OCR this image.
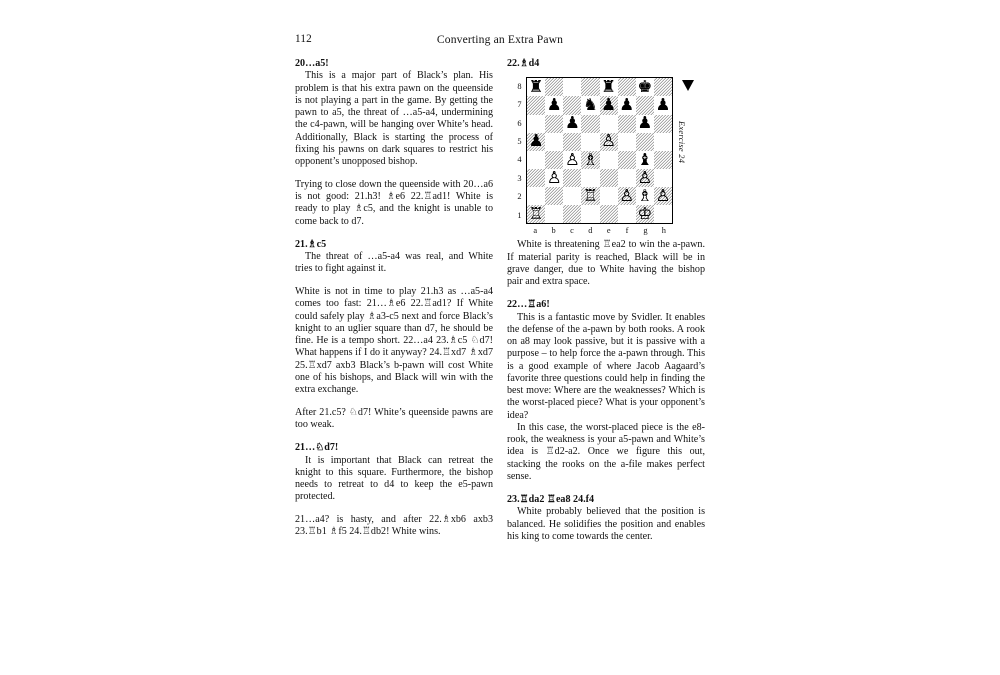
112	Converting an Extra Pawn

20…a5!

This is a major part of Black’s plan. His problem is that his extra pawn on the queenside is not playing a part in the game. By getting the pawn to a5, the threat of …a5-a4, undermining the c4-pawn, will be hanging over White’s head. Additionally, Black is starting the process of fixing his pawns on dark squares to restrict his opponent’s unopposed bishop.

Trying to close down the queenside with 20…a6 is not good: 21.h3! ♗e6 22.♖ad1! White is ready to play ♗c5, and the knight is unable to come back to d7.

21.♗c5

The threat of …a5-a4 was real, and White tries to fight against it.

White is not in time to play 21.h3 as …a5-a4 comes too fast: 21…♗e6 22.♖ad1? If White could safely play ♗a3-c5 next and force Black’s knight to an uglier square than d7, he should be fine. He is a tempo short. 22…a4 23.♗c5 ♘d7! What happens if I do it anyway? 24.♖xd7 ♗xd7 25.♖xd7 axb3 Black’s b-pawn will cost White one of his bishops, and Black will win with the extra exchange.

After 21.c5? ♘d7! White’s queenside pawns are too weak.

21…♘d7!

It is important that Black can retreat the knight to this square. Furthermore, the bishop needs to retreat to d4 to keep the e5-pawn protected.

21…a4? is hasty, and after 22.♗xb6 axb3 23.♖b1 ♗f5 24.♖db2! White wins.

22.♗d4

8
7
6
5
4
3
2
1
♜	♜ ♚
♟ ♞ ♟ ♟ ♟
♟	♟
♟	♙
♙ ♗ ♝
♙	♙
♖ ♙ ♗ ♙
♖	♔
a	b	c	d	e	f	g	h
Exercise 24

White is threatening ♖ea2 to win the a-pawn. If material parity is reached, Black will be in grave danger, due to White having the bishop pair and extra space.

22…♖a6!

This is a fantastic move by Svidler. It enables the defense of the a-pawn by both rooks. A rook on a8 may look passive, but it is passive with a purpose – to help force the a-pawn through. This is a good example of where Jacob Aagaard’s favorite three questions could help in finding the best move: Where are the weaknesses? Which is the worst-placed piece? What is your opponent’s idea?

In this case, the worst-placed piece is the e8-rook, the weakness is your a5-pawn and White’s idea is ♖d2-a2. Once we figure this out, stacking the rooks on the a-file makes perfect sense.

23.♖da2 ♖ea8 24.f4

White probably believed that the position is balanced. He solidifies the position and enables his king to come towards the center.
